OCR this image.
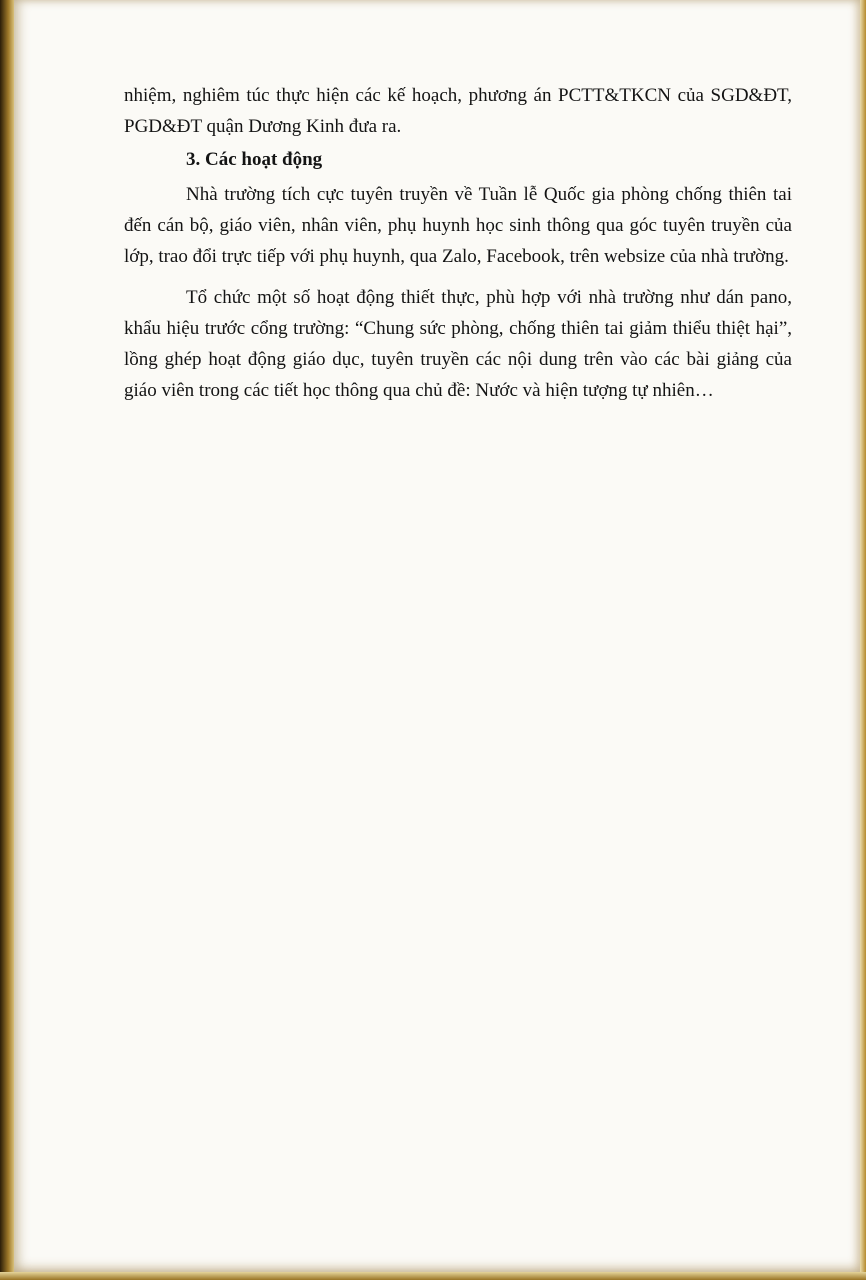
nhiệm, nghiêm túc thực hiện các kế hoạch, phương án PCTT&TKCN của SGD&ĐT, PGD&ĐT quận Dương Kinh đưa ra.

3. Các hoạt động

Nhà trường tích cực tuyên truyền về Tuần lễ Quốc gia phòng chống thiên tai đến cán bộ, giáo viên, nhân viên, phụ huynh học sinh thông qua góc tuyên truyền của lớp, trao đổi trực tiếp với phụ huynh, qua Zalo, Facebook, trên websize của nhà trường.

Tổ chức một số hoạt động thiết thực, phù hợp với nhà trường như dán pano, khẩu hiệu trước cổng trường: “Chung sức phòng, chống thiên tai giảm thiểu thiệt hại”, lồng ghép hoạt động giáo dục, tuyên truyền các nội dung trên vào các bài giảng của giáo viên trong các tiết học thông qua chủ đề: Nước và hiện tượng tự nhiên…
